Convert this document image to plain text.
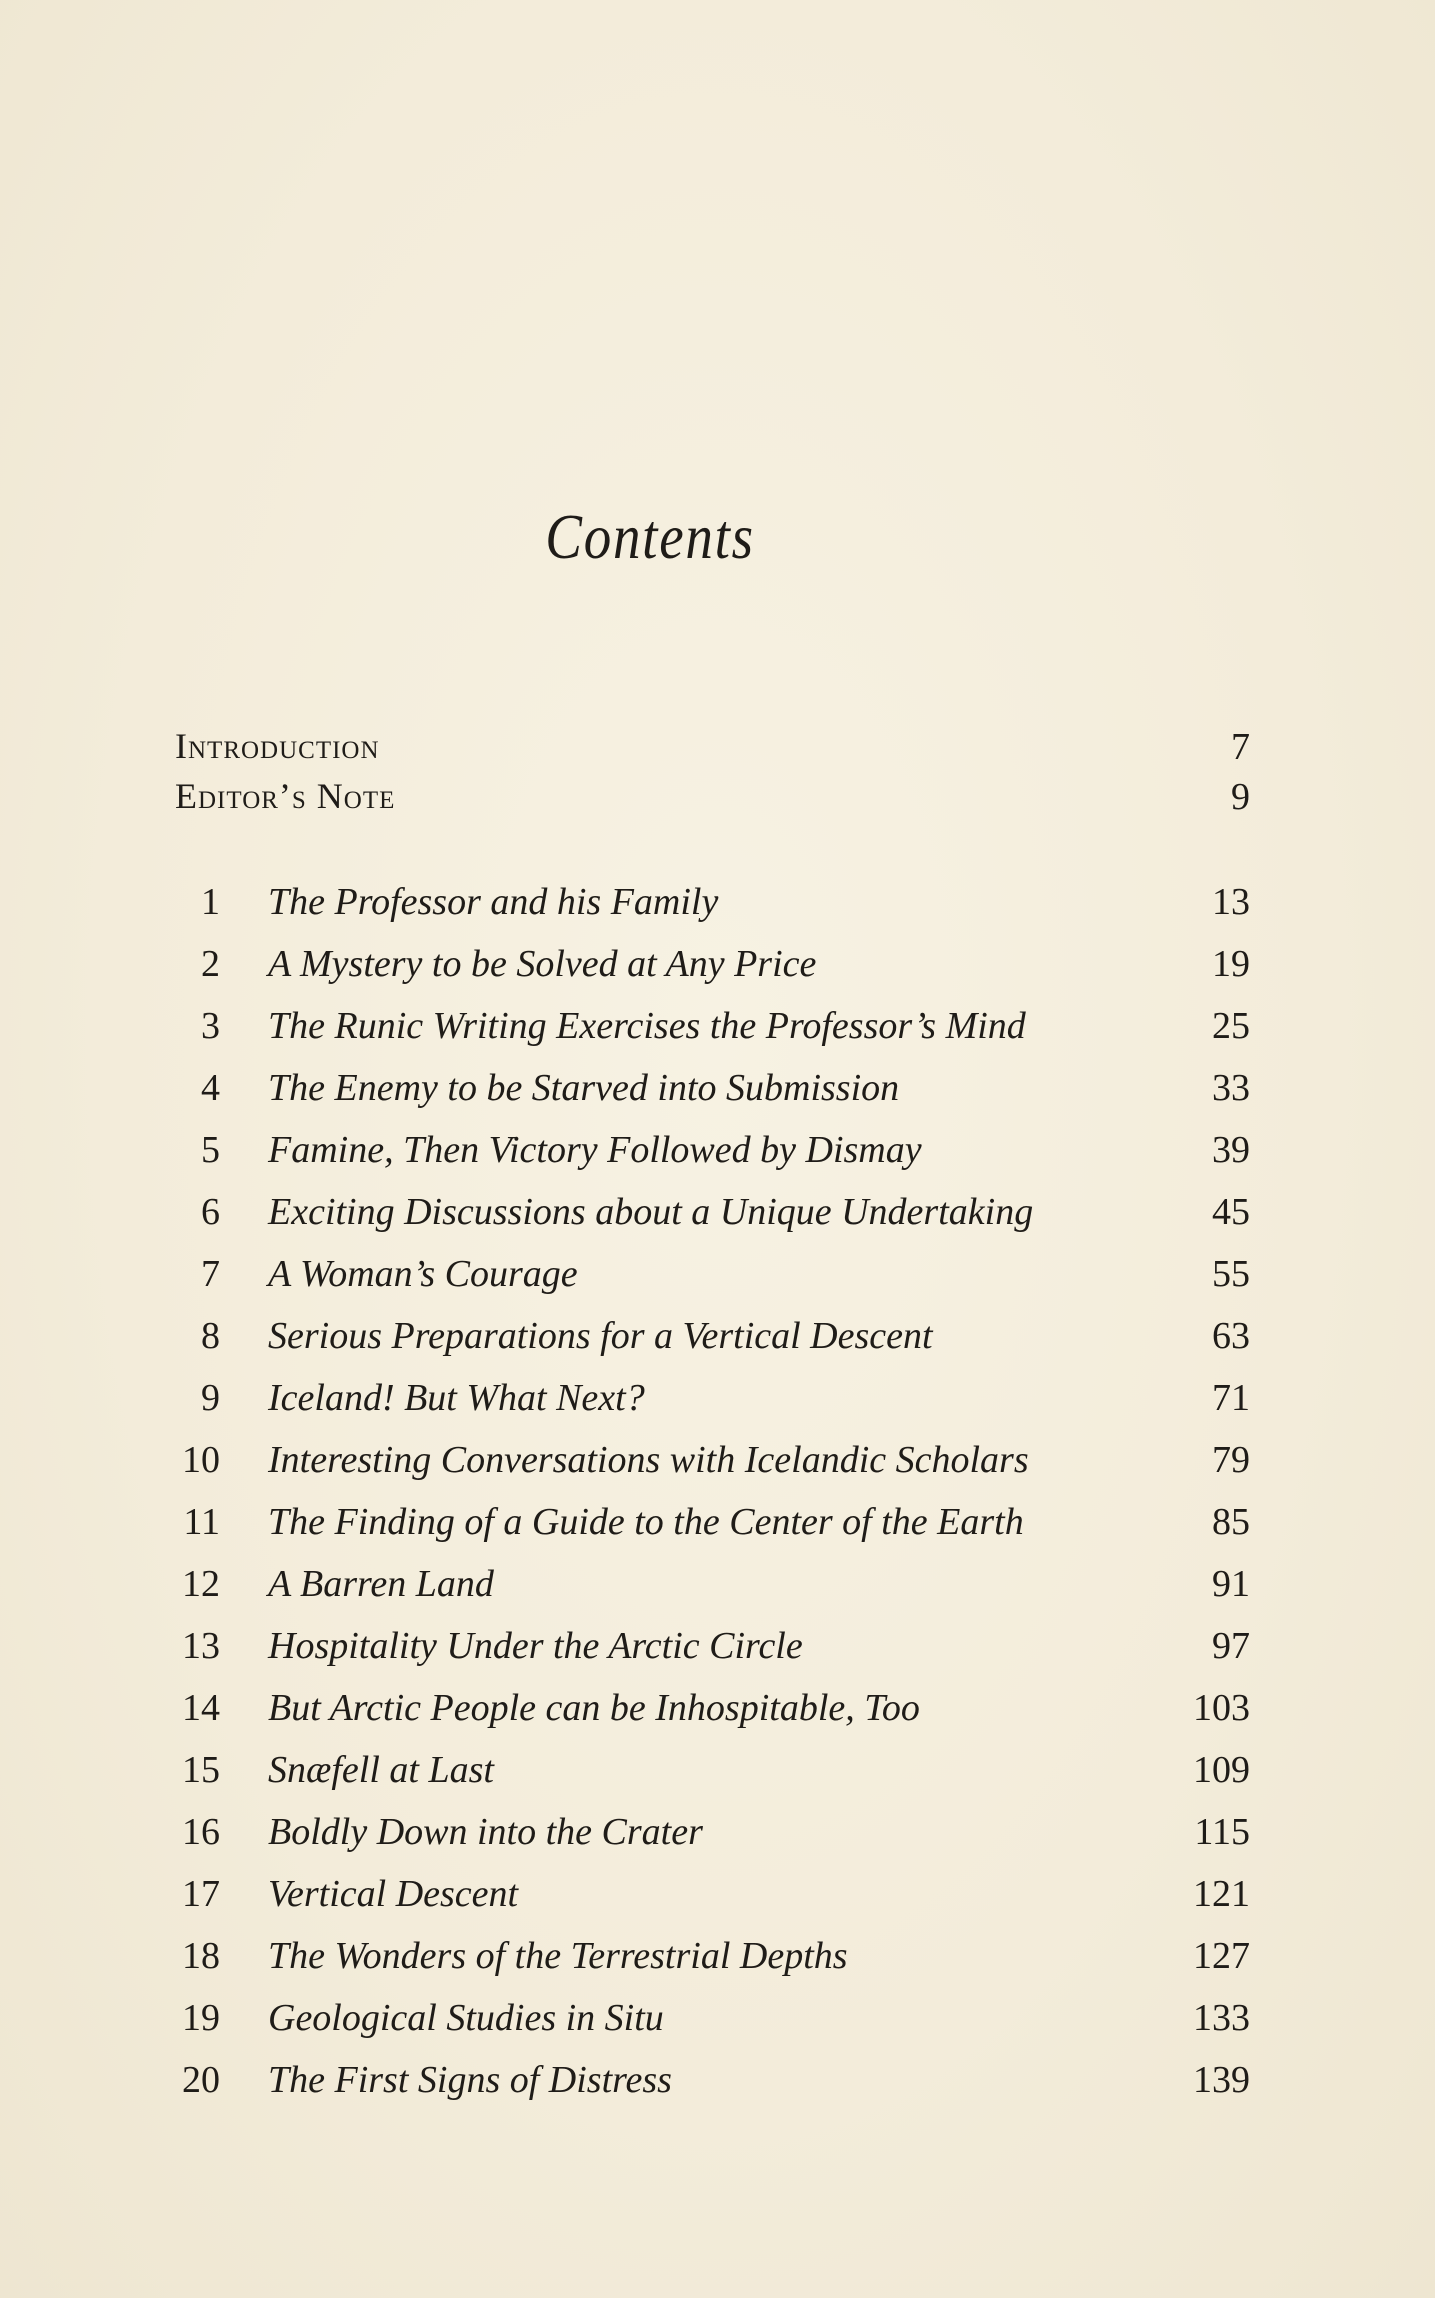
Contents
Introduction	7
Editor’s Note	9
1 The Professor and his Family	13
2 A Mystery to be Solved at Any Price	19
3 The Runic Writing Exercises the Professor’s Mind	25
4 The Enemy to be Starved into Submission	33
5 Famine, Then Victory Followed by Dismay	39
6 Exciting Discussions about a Unique Undertaking	45
7 A Woman’s Courage	55
8 Serious Preparations for a Vertical Descent	63
9 Iceland! But What Next?	71
10 Interesting Conversations with Icelandic Scholars	79
11 The Finding of a Guide to the Center of the Earth	85
12 A Barren Land	91
13 Hospitality Under the Arctic Circle	97
14 But Arctic People can be Inhospitable, Too	103
15 Snæfell at Last	109
16 Boldly Down into the Crater	115
17 Vertical Descent	121
18 The Wonders of the Terrestrial Depths	127
19 Geological Studies in Situ	133
20 The First Signs of Distress	139
